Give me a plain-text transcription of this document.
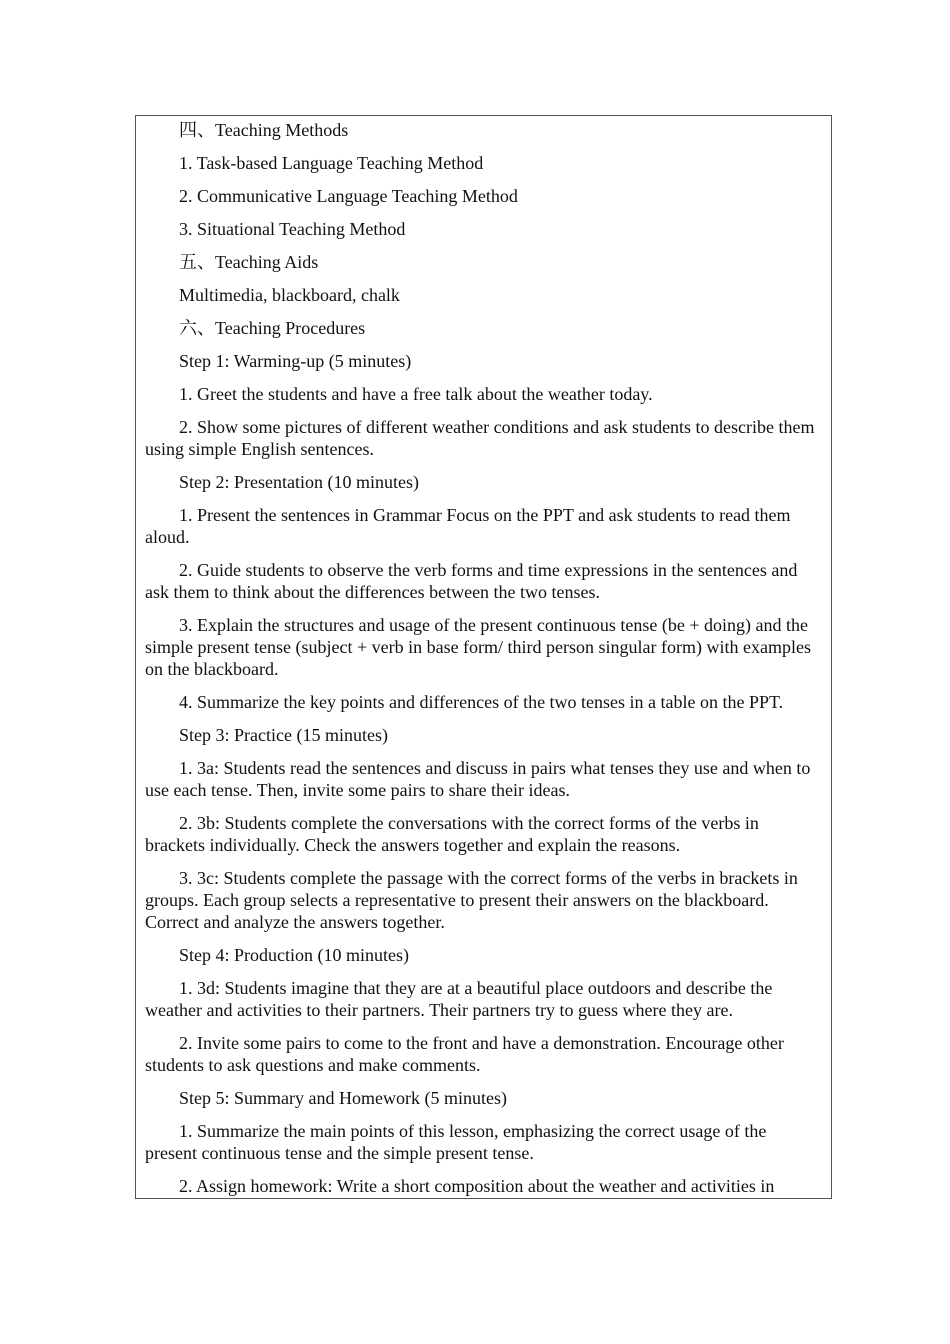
四、Teaching Methods

1. Task-based Language Teaching Method

2. Communicative Language Teaching Method

3. Situational Teaching Method

五、Teaching Aids

Multimedia, blackboard, chalk

六、Teaching Procedures

Step 1: Warming-up (5 minutes)

1. Greet the students and have a free talk about the weather today.

2. Show some pictures of different weather conditions and ask students to describe them using simple English sentences.

Step 2: Presentation (10 minutes)

1. Present the sentences in Grammar Focus on the PPT and ask students to read them aloud.

2. Guide students to observe the verb forms and time expressions in the sentences and ask them to think about the differences between the two tenses.

3. Explain the structures and usage of the present continuous tense (be + doing) and the simple present tense (subject + verb in base form/ third person singular form) with examples on the blackboard.

4. Summarize the key points and differences of the two tenses in a table on the PPT.

Step 3: Practice (15 minutes)

1. 3a: Students read the sentences and discuss in pairs what tenses they use and when to use each tense. Then, invite some pairs to share their ideas.

2. 3b: Students complete the conversations with the correct forms of the verbs in brackets individually. Check the answers together and explain the reasons.

3. 3c: Students complete the passage with the correct forms of the verbs in brackets in groups. Each group selects a representative to present their answers on the blackboard. Correct and analyze the answers together.

Step 4: Production (10 minutes)

1. 3d: Students imagine that they are at a beautiful place outdoors and describe the weather and activities to their partners. Their partners try to guess where they are.

2. Invite some pairs to come to the front and have a demonstration. Encourage other students to ask questions and make comments.

Step 5: Summary and Homework (5 minutes)

1. Summarize the main points of this lesson, emphasizing the correct usage of the present continuous tense and the simple present tense.

2. Assign homework: Write a short composition about the weather and activities in
